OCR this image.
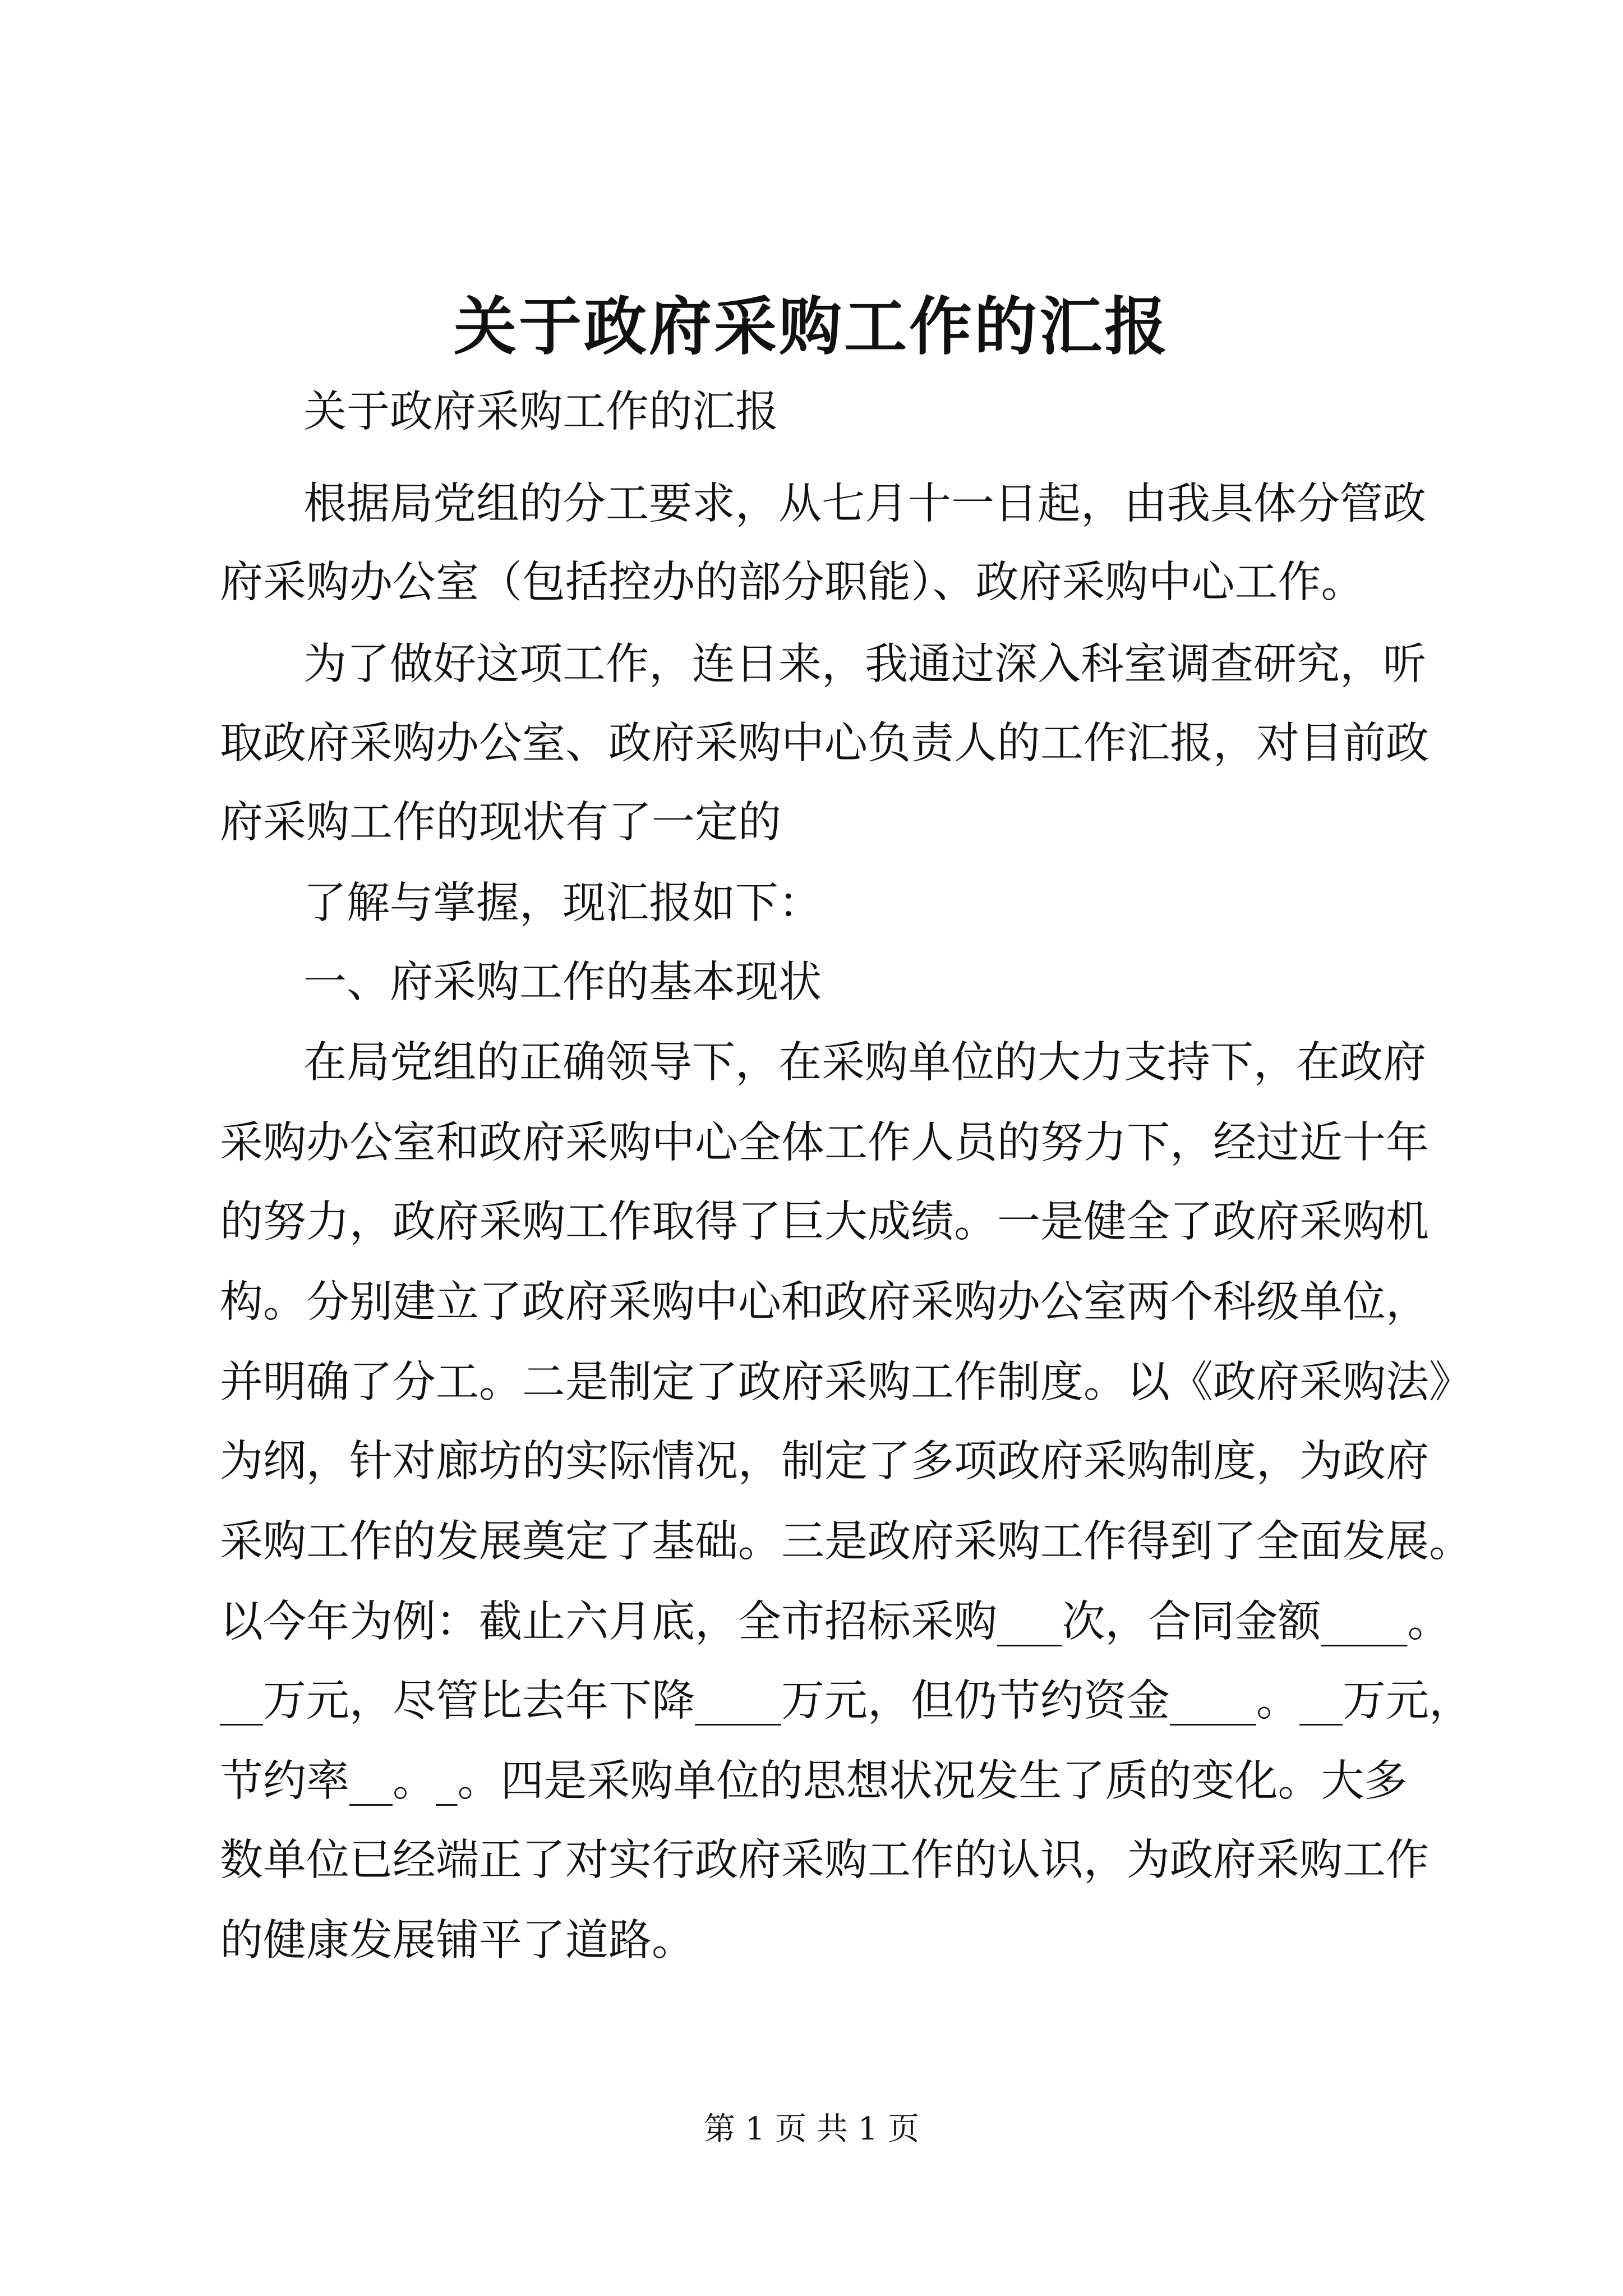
关于政府采购工作的汇报
关于政府采购工作的汇报
根据局党组的分工要求，从七月十一日起，由我具体分管政
府采购办公室（包括控办的部分职能）、政府采购中心工作。
为了做好这项工作，连日来，我通过深入科室调查研究，听
取政府采购办公室、政府采购中心负责人的工作汇报，对目前政
府采购工作的现状有了一定的
了解与掌握，现汇报如下：
一、府采购工作的基本现状
在局党组的正确领导下，在采购单位的大力支持下，在政府
采购办公室和政府采购中心全体工作人员的努力下，经过近十年
的努力，政府采购工作取得了巨大成绩。一是健全了政府采购机
构。分别建立了政府采购中心和政府采购办公室两个科级单位，
并明确了分工。二是制定了政府采购工作制度。以《政府采购法》
为纲，针对廊坊的实际情况，制定了多项政府采购制度，为政府
采购工作的发展奠定了基础。三是政府采购工作得到了全面发展。
以今年为例：截止六月底，全市招标采购___次，合同金额____。
__万元，尽管比去年下降____万元，但仍节约资金____。__万元，
节约率__。_。四是采购单位的思想状况发生了质的变化。大多
数单位已经端正了对实行政府采购工作的认识，为政府采购工作
的健康发展铺平了道路。
第 1 页 共 1 页
